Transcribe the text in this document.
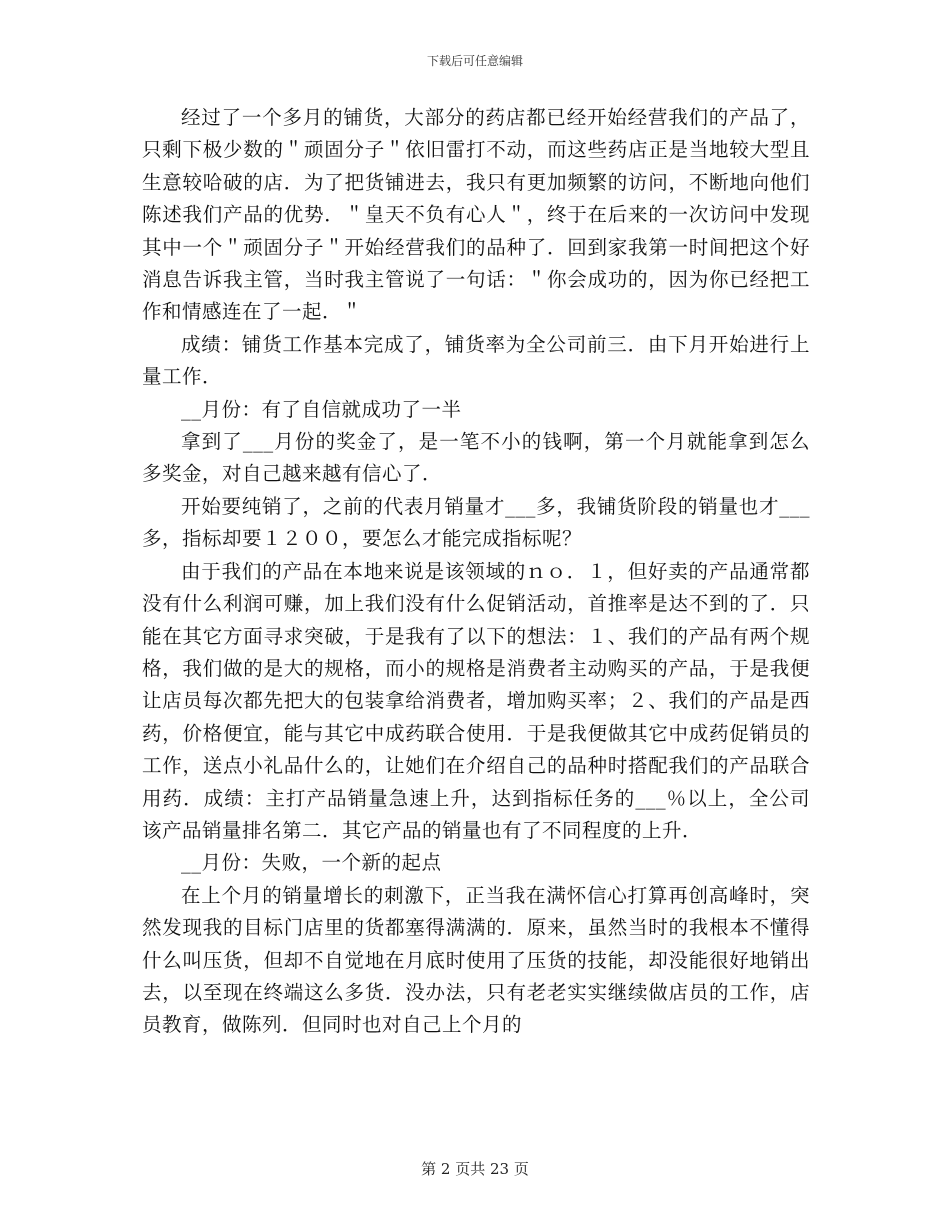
下载后可任意编辑

经过了一个多月的铺货，大部分的药店都已经开始经营我们的产品了，只剩下极少数的＂顽固分子＂依旧雷打不动，而这些药店正是当地较大型且生意较哈破的店．为了把货铺进去，我只有更加频繁的访问，不断地向他们陈述我们产品的优势．＂皇天不负有心人＂，终于在后来的一次访问中发现其中一个＂顽固分子＂开始经营我们的品种了．回到家我第一时间把这个好消息告诉我主管，当时我主管说了一句话：＂你会成功的，因为你已经把工作和情感连在了一起．＂

成绩：铺货工作基本完成了，铺货率为全公司前三．由下月开始进行上量工作．

__月份：有了自信就成功了一半

拿到了___月份的奖金了，是一笔不小的钱啊，第一个月就能拿到怎么多奖金，对自己越来越有信心了．

开始要纯销了，之前的代表月销量才___多，我铺货阶段的销量也才___多，指标却要１２００，要怎么才能完成指标呢？

由于我们的产品在本地来说是该领域的ｎｏ．１，但好卖的产品通常都没有什么利润可赚，加上我们没有什么促销活动，首推率是达不到的了．只能在其它方面寻求突破，于是我有了以下的想法：１、我们的产品有两个规格，我们做的是大的规格，而小的规格是消费者主动购买的产品，于是我便让店员每次都先把大的包装拿给消费者，增加购买率；２、我们的产品是西药，价格便宜，能与其它中成药联合使用．于是我便做其它中成药促销员的工作，送点小礼品什么的，让她们在介绍自己的品种时搭配我们的产品联合用药．成绩：主打产品销量急速上升，达到指标任务的___％以上，全公司该产品销量排名第二．其它产品的销量也有了不同程度的上升．

__月份：失败，一个新的起点

在上个月的销量增长的刺激下，正当我在满怀信心打算再创高峰时，突然发现我的目标门店里的货都塞得满满的．原来，虽然当时的我根本不懂得什么叫压货，但却不自觉地在月底时使用了压货的技能，却没能很好地销出去，以至现在终端这么多货．没办法，只有老老实实继续做店员的工作，店员教育，做陈列．但同时也对自己上个月的

第 2 页共 23 页
